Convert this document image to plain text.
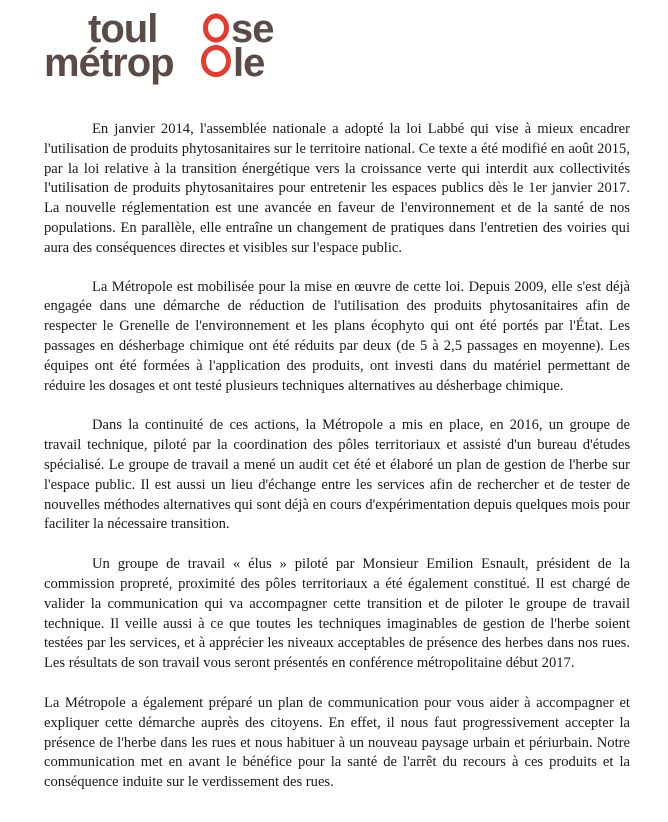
toul se
métrop le

En janvier 2014, l'assemblée nationale a adopté la loi Labbé qui vise à mieux encadrer l'utilisation de produits phytosanitaires sur le territoire national. Ce texte a été modifié en août 2015, par la loi relative à la transition énergétique vers la croissance verte qui interdit aux collectivités l'utilisation de produits phytosanitaires pour entretenir les espaces publics dès le 1er janvier 2017. La nouvelle réglementation est une avancée en faveur de l'environnement et de la santé de nos populations. En parallèle, elle entraîne un changement de pratiques dans l'entretien des voiries qui aura des conséquences directes et visibles sur l'espace public.

La Métropole est mobilisée pour la mise en œuvre de cette loi. Depuis 2009, elle s'est déjà engagée dans une démarche de réduction de l'utilisation des produits phytosanitaires afin de respecter le Grenelle de l'environnement et les plans écophyto qui ont été portés par l'État. Les passages en désherbage chimique ont été réduits par deux (de 5 à 2,5 passages en moyenne). Les équipes ont été formées à l'application des produits, ont investi dans du matériel permettant de réduire les dosages et ont testé plusieurs techniques alternatives au désherbage chimique.

Dans la continuité de ces actions, la Métropole a mis en place, en 2016, un groupe de travail technique, piloté par la coordination des pôles territoriaux et assisté d'un bureau d'études spécialisé. Le groupe de travail a mené un audit cet été et élaboré un plan de gestion de l'herbe sur l'espace public. Il est aussi un lieu d'échange entre les services afin de rechercher et de tester de nouvelles méthodes alternatives qui sont déjà en cours d'expérimentation depuis quelques mois pour faciliter la nécessaire transition.

Un groupe de travail « élus » piloté par Monsieur Emilion Esnault, président de la commission propreté, proximité des pôles territoriaux a été également constitué. Il est chargé de valider la communication qui va accompagner cette transition et de piloter le groupe de travail technique. Il veille aussi à ce que toutes les techniques imaginables de gestion de l'herbe soient testées par les services, et à apprécier les niveaux acceptables de présence des herbes dans nos rues. Les résultats de son travail vous seront présentés en conférence métropolitaine début 2017.

La Métropole a également préparé un plan de communication pour vous aider à accompagner et expliquer cette démarche auprès des citoyens. En effet, il nous faut progressivement accepter la présence de l'herbe dans les rues et nous habituer à un nouveau paysage urbain et périurbain. Notre communication met en avant le bénéfice pour la santé de l'arrêt du recours à ces produits et la conséquence induite sur le verdissement des rues.
